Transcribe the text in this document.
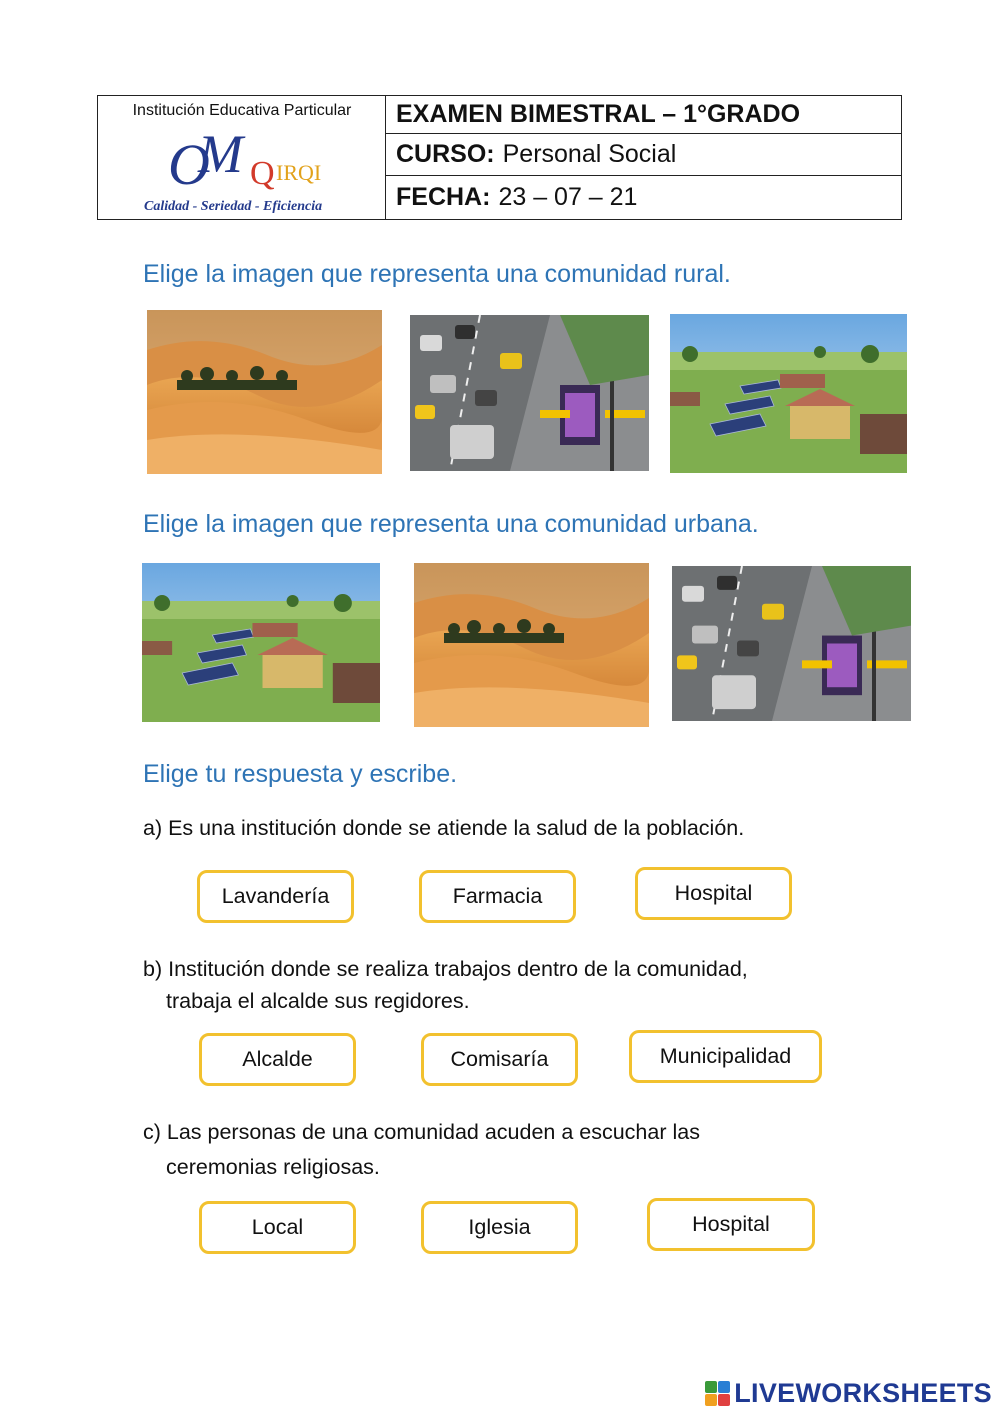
Institución Educativa Particular
O
M Q IRQI
Calidad - Seriedad - Eficiencia
EXAMEN BIMESTRAL – 1°GRADO
CURSO: Personal Social
FECHA: 23 – 07 – 21
Elige la imagen que representa una comunidad rural.
Elige la imagen que representa una comunidad urbana.
Elige tu respuesta y escribe.
a) Es una institución donde se atiende la salud de la población.
Lavandería	Farmacia	Hospital
b) Institución donde se realiza trabajos dentro de la comunidad,
trabaja el alcalde sus regidores.
Alcalde	Comisaría	Municipalidad
c) Las personas de una comunidad acuden a escuchar las
ceremonias religiosas.
Local	Iglesia	Hospital
LIVEWORKSHEETS
